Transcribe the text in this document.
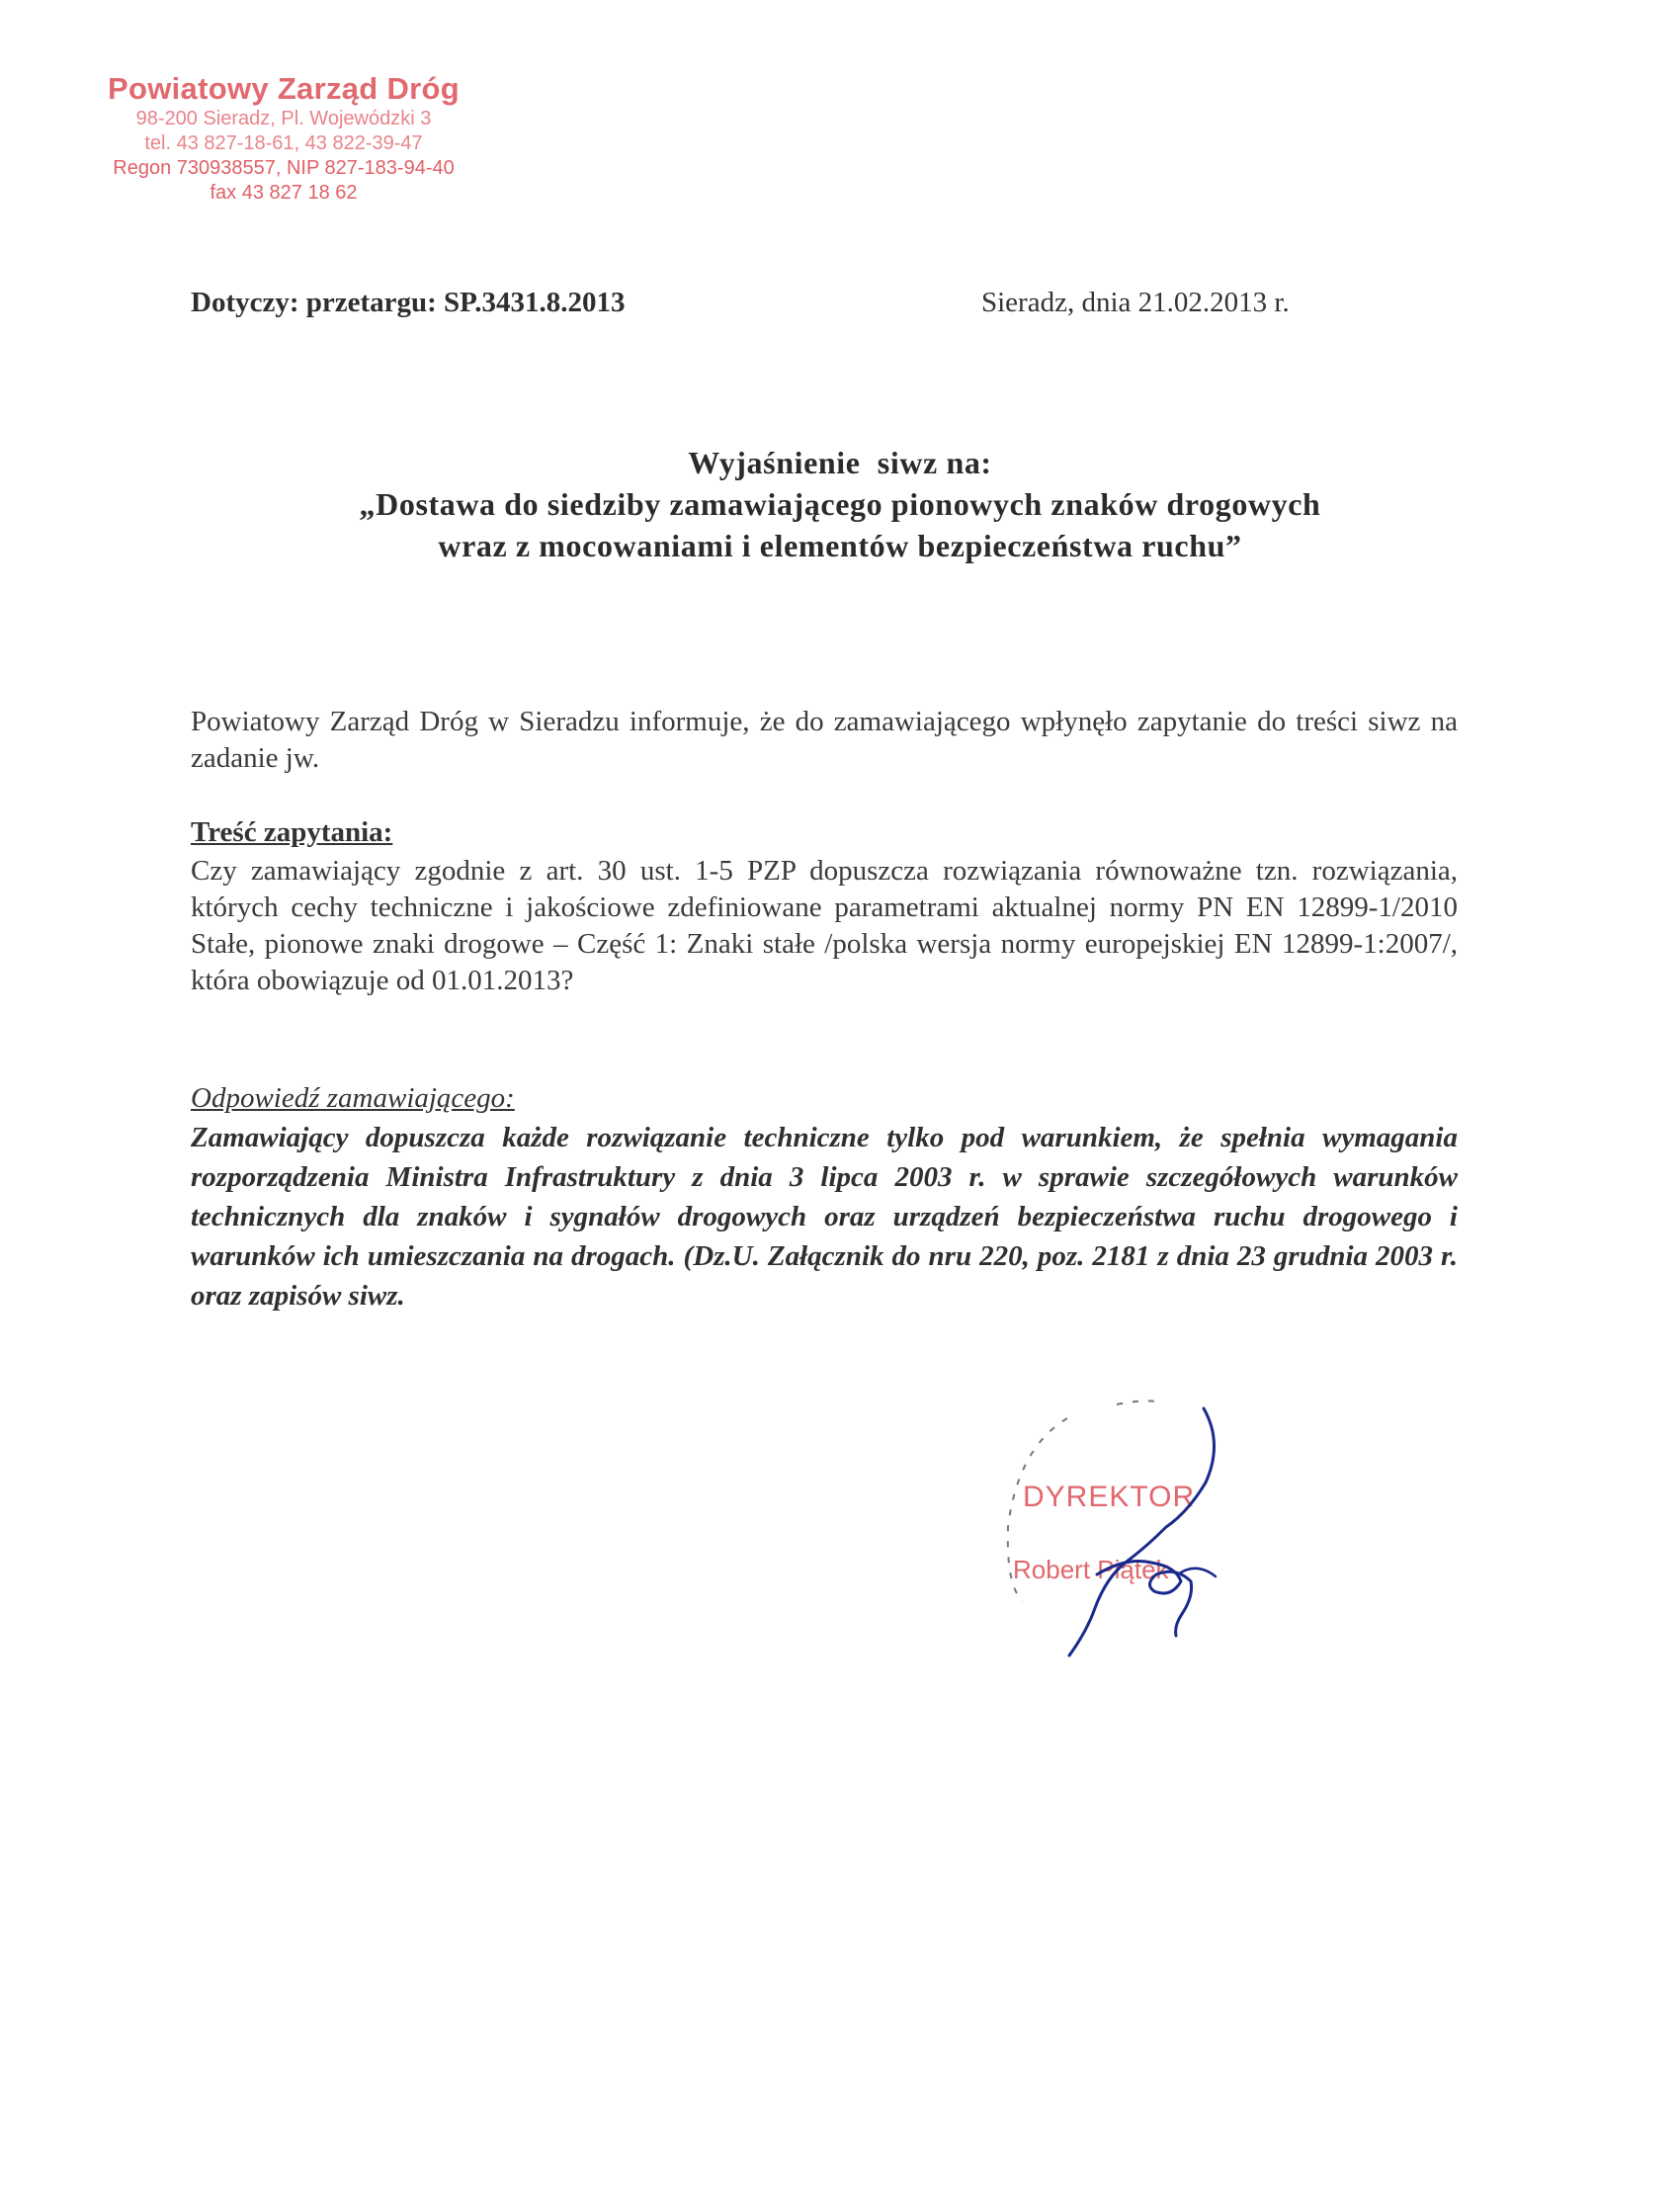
Powiatowy Zarząd Dróg
98-200 Sieradz, Pl. Wojewódzki 3
tel. 43 827-18-61, 43 822-39-47
Regon 730938557, NIP 827-183-94-40
fax 43 827 18 62
Dotyczy: przetargu: SP.3431.8.2013	Sieradz, dnia 21.02.2013 r.
Wyjaśnienie  siwz na:
„Dostawa do siedziby zamawiającego pionowych znaków drogowych
wraz z mocowaniami i elementów bezpieczeństwa ruchu”
Powiatowy Zarząd Dróg w Sieradzu informuje, że do zamawiającego wpłynęło zapytanie do treści siwz na zadanie jw.
Treść zapytania:
Czy zamawiający zgodnie z art. 30 ust. 1-5 PZP dopuszcza rozwiązania równoważne tzn. rozwiązania, których cechy techniczne i jakościowe zdefiniowane parametrami aktualnej normy PN EN 12899-1/2010 Stałe, pionowe znaki drogowe – Część 1: Znaki stałe /polska wersja normy europejskiej EN 12899-1:2007/, która obowiązuje od 01.01.2013?
Odpowiedź zamawiającego:
Zamawiający dopuszcza każde rozwiązanie techniczne tylko pod warunkiem, że spełnia wymagania rozporządzenia Ministra Infrastruktury z dnia 3 lipca 2003 r. w sprawie szczegółowych warunków technicznych dla znaków i sygnałów drogowych oraz urządzeń bezpieczeństwa ruchu drogowego i warunków ich umieszczania na drogach. (Dz.U. Załącznik do nru 220, poz. 2181 z dnia 23 grudnia 2003 r. oraz zapisów siwz.
DYREKTOR
Robert Piątek
